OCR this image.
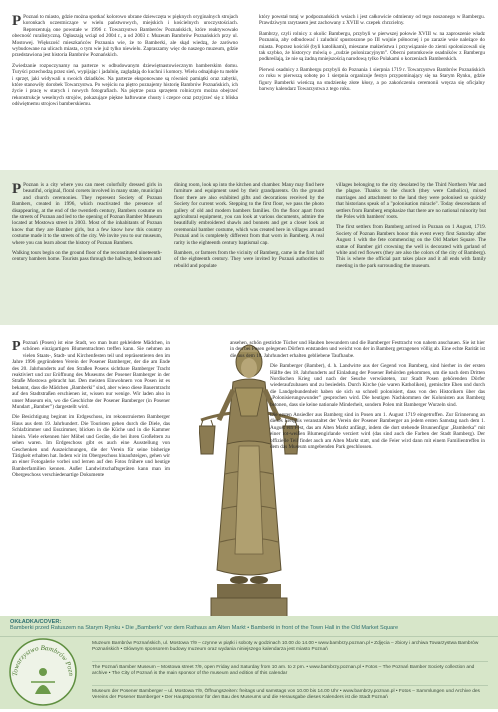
P Poznań to miasto, gdzie można spotkać kolorowo ubrane dziewczęta w pięknych oryginalnych strojach koronkach uczestniczące w wielu państwowych, miejskich i kościelnych uroczystościach. Reprezentują one powstałe w 1996 r. Towarzystwo Bamberów Poznańskich, które reaktywowało obecność ruralistyczną. Ogłaszają wciąż od 2004 r., a od 2003 r. Muzeum Bambrów Poznańskich przy ul. Mostowej. Większość mieszkańców Poznania wie, że to Bamberki, ale skąd wiedzą, że zarówno wybudowane na ulicach miasta, o tym wie już tylko niewielu. Zapraszamy więc do naszego muzeum, gdzie przedstawiona jest historia Bambrów Poznańskich.

Zwiedzanie rozpoczynamy na parterze w odbudowanym dziewiętnastowiecznym bamberskim domu. Turyści przechodzą przez sień, wypijając i jadalnię, zaglądają do kuchni i komory. Wielu odnajduje tu meble i sprzęt, jaki widywali u swoich dziadków. Na parterze eksponowane są również pamiątki oraz zabytki, które stanowiły dorobek Towarzystwa. Po wejściu na piętro poznajemy historię Bambrów Poznańskich, ich życie i pracę w starych i nowych fotografiach. Na piętrze poza sprzętem rolniczym można obejrzeć rekonstrukcje weselnych strojów, pokazujące piękne haftowane chusty i czepce oraz przyjrzeć się z bliska odświętnemu strojowi bamberskiemu.

który powstał tutaj w podpoznańskich wsiach i jest całkowicie odmienny od tego noszonego w Bambergu. Prawdziwym rarytasem jest zachowany z XVIII w. czepek chrzcielny.

Bambrzy, czyli rolnicy z okolic Bambergu, przybyli w pierwszej połowie XVIII w. na zaproszenie władz Poznania, aby odbudować i zaludnić spustoszone po III wojnie północnej i po zarazie wsie należące do miasta. Poprzez kościół (byli katolikami), mieszane małżeństwa i przywiązanie do ziemi spolonizowali się tak szybko, że historycy mówią o „cudzie polonizacyjnym”. Obecni potomkowie osadników z Bambergu podkreślają, że nie są żadną mniejszością narodową tylko Polakami o korzeniach Bamberskich.

Pierwsi osadnicy z Bambergu przybyli do Poznania 1 sierpnia 1719 r. Towarzystwo Bambrów Poznańskich co roku w pierwszą sobotę po 1 sierpnia organizuje festyn przypominający się na Starym Rynku, gdzie figury Bamberki wieńczą na studzienkę złote kłosy, a po zakończeniu ceremonii wręcza się oficjalny barwny kalendarz Towarzystwa z tego roku.

P Poznan is a city where you can meet colorfully dressed girls in beautiful, original, floral corsets involved in many state, municipal and church ceremonies. They represent Society of Poznan Bambers, created in 1996, which reactivated the presence of disappearing, at the end of the twentieth century, Bambers costume on the streets of Poznan and led to the opening of Poznan Bamber Museum located at Mostowa street in 2003. Most of the inhabitants of Poznan know that they are Bamber girls, but a few know how this country costume made it to the streets of the city. We invite you to our museum, where you can learn about the history of Poznan Bambers.

Walking tours begin on the ground floor of the reconstituted nineteenth-century bambers home. Tourists pass through the hallway, bedroom and

dining room, look up into the kitchen and chamber. Many may find here furniture and equipment used by their grandparents. On the ground floor there are also exhibited gifts and decorations received by the Society for current work. Stepping to the first floor, we pass the photo gallery of old and modern bambers families. On the floor apart from agricultural equipment, you can look at various documents, admire the beautifully embroidered shawls and bonnets and get a closer look at ceremonial bamber costume, which was created here in villages around Poznań and is completely different from that worn in Bamberg. A real rarity is the eighteenth century baptismal cap.

Bambers, or farmers from the vicinity of Bamberg, came in the first half of the eighteenth century. They were invited by Poznań authorities to rebuild and populate

villages belonging to the city desolated by the Third Northern War and the plague. Thanks to the church (they were Catholics), mixed marriages and attachment to the land they were polonised so quickly that historians speak of a "polonisation miracle". Today descendants of settlers from Bamberg emphasize that there are no national minority but the Poles with bambers' roots.

The first settlers from Bamberg arrived in Poznan on 1 August, 1719. Society of Poznan Bambers honor this event every first Saturday after August 1 with the fete commencing on the Old Market Square. The statue of Bamber girl crowning the well is decorated with garland of white and red flowers (they are also the colors of the city of Bamberg). This is where the official part takes place and it all ends with family meeting in the park surrounding the museum.

P Poznań (Posen) ist eine Stadt, wo man bunt gekleidete Mädchen, in schönen einzigartigen Blumentrachten treffen kann. Sie nehmen an vielen Staats-, Stadt- und Kirchenfesten teil und repräsentieren den im Jahre 1996 gegründeten Verein der Posener Bamberger, der die am Ende des 20. Jahrhunderts auf den Straßen Posens sichtbare Bamberger Tracht reaktiviert und zur Eröffnung des Museums der Posener Bamberger in der Straße Mostowa gebracht hat. Den meisten Einwohnern von Posen ist es bekannt, dass die Mädchen „Bamberki” sind, aber wieso diese Bauerntracht auf den Stadtstraßen erschienen ist, wissen nur wenige. Wir laden also in unser Museum ein, wo die Geschichte der Posener Bamberger (in Posener Mundart „Bamber”) dargestellt wird.

Die Besichtigung beginnt im Erdgeschoss, im rekonstruierten Bamberger Haus aus dem 19. Jahrhundert. Die Touristen gehen durch die Diele, das Schlafzimmer und Esszimmer, blicken in die Küche und in die Kammer hinein. Viele erkennen hier Möbel und Geräte, die bei ihren Großeltern zu sehen waren. Im Erdgeschoss gibt es auch eine Ausstellung von Geschenken und Auszeichnungen, die der Verein für seine bisherige Tätigkeit erhalten hat. Indem wir im Obergeschoss hinaufsteigen, gehen wir an einer Fotogalerie vorbei und lernen auf den Fotos frühere und heutige Bamberfamilien kennen. Außer Landwirtschaftsgeräten kann man im Obergeschoss verschiedenartige Dokumente

ansehen, schön gestickte Tücher und Hauben bewundern und die Bamberger Festtracht von nahem anschauen. Sie ist hier in den bei Posen gelegenen Dörfern entstanden und weicht von der in Bamberg getragenen völlig ab. Eine echte Rarität ist die aus dem 18. Jahrhundert erhalten gebliebene Taufhaube.

Die Bamberger (Bamber), d. h. Landwirte aus der Gegend von Bamberg, sind hierher in der ersten Hälfte des 18. Jahrhunderts auf Einladung der Posener Behörden gekommen, um die nach dem Dritten Nordischen Krieg und nach der Seuche verwüsteten, zur Stadt Posen gehörenden Dörfer wiederaufzubauen und zu besiedeln. Durch Kirche (sie waren Katholiken), gemischte Ehen und durch die Landgebundenheit haben sie sich so schnell polonisiert, dass von den Historikern über das „Polonisierungswunder” gesprochen wird. Die heutigen Nachkommen der Kolonisten aus Bamberg betonen, dass sie keine nationale Minderheit, sondern Polen mit Bamberger Wurzeln sind.

Die ersten Ansiedler aus Bamberg sind in Posen am 1. August 1719 eingetroffen. Zur Erinnerung an dieses Ereignis veranstaltet der Verein der Posener Bamberger an jedem ersten Samstag nach dem 1. August ein Fest, das am Alten Markt anfängt, indem die dort stehende Brunnenfigur „Bamberka” mit einer rot-weißen Blumengirlande verziert wird (das sind auch die Farben der Stadt Bamberg). Der offizielle Teil findet auch am Alten Markt statt, und die Feier wird dann mit einem Familientreffen in dem das Museum umgebenden Park geschlossen.

OKŁADKA/COVER:
Bamberki przed Ratuszem na Starym Rynku • Die „Bamberki” vor dem Rathaus am Alten Markt • Bamberki in front of the Town Hall in the Old Market Square
Towarzystwo Bambrów Pozn
Muzeum Bambrów Poznańskich, ul. Mostowa 7/9 – czynne w piątki i soboty w godzinach 10.00 do 14.00 • www.bambrzy.poznan.pl • Zdjęcia – zbiory i archiwa Towarzystwa Bambrów Poznańskich • Głównym sponsorem budowy muzeum oraz wydania niniejszego kalendarza jest miasto Poznań
The Poznań Bamber Museum – Mostowa street 7/9, open Friday and Saturday from 10 am. to 2 pm. • www.bambrzy.poznan.pl • Fotos – The Poznań Bamber Society collection and archive • The City of Poznań is the main sponsor of the museum and edition of this calendar
Museum der Posener Bamberger – ul. Mostowa 7/9, Öffnungszeiten: freitags und samstags von 10.00 bis 14.00 Uhr • www.bambrzy.poznan.pl • Fotos – Sammlungen und Archive des Vereins der Posener Bamberger • Der Hauptsponsor für den Bau des Museums und die Herausgabe dieses Kalenders ist die Stadt Poznań
